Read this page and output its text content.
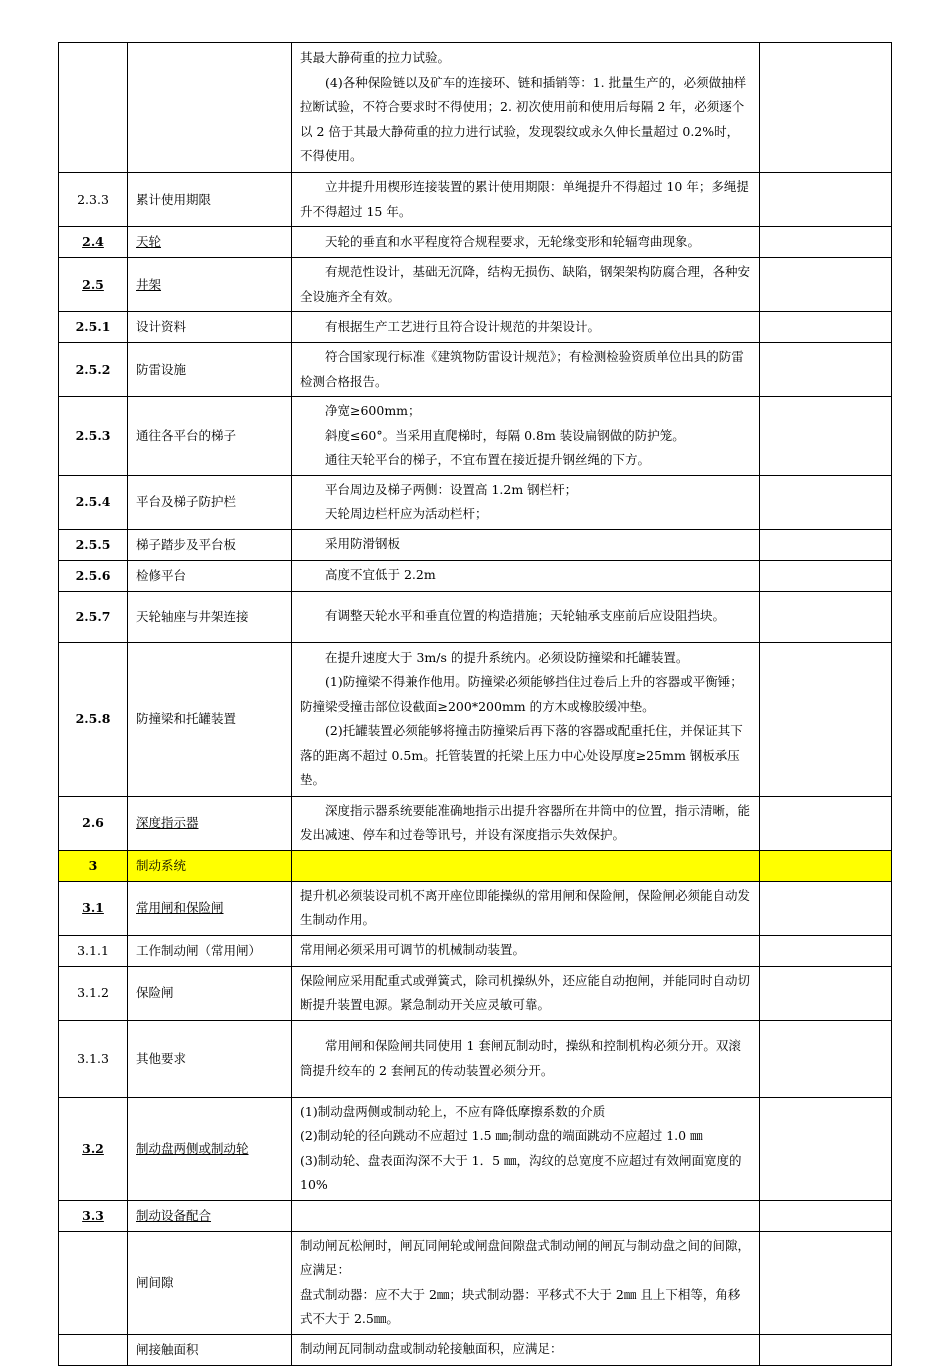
		其最大静荷重的拉力试验。
(4)各种保险链以及矿车的连接环、链和插销等：1. 批量生产的，必须做抽样拉断试验，不符合要求时不得使用；2. 初次使用前和使用后每隔 2 年，必须逐个以 2 倍于其最大静荷重的拉力进行试验，发现裂纹或永久伸长量超过 0.2%时，不得使用。	

2.3.3	累计使用期限	立井提升用楔形连接装置的累计使用期限：单绳提升不得超过 10 年；多绳提升不得超过 15 年。	

2.4	天轮	天轮的垂直和水平程度符合规程要求，无轮缘变形和轮辐弯曲现象。	

2.5	井架	有规范性设计，基础无沉降，结构无损伤、缺陷，钢架架构防腐合理，各种安全设施齐全有效。	

2.5.1	设计资料	有根据生产工艺进行且符合设计规范的井架设计。	

2.5.2	防雷设施	符合国家现行标准《建筑物防雷设计规范》；有检测检验资质单位出具的防雷检测合格报告。	

2.5.3	通往各平台的梯子	净宽≥600mm；
斜度≤60°。当采用直爬梯时，每隔 0.8m 装设扁钢做的防护笼。
通往天轮平台的梯子，不宜布置在接近提升钢丝绳的下方。	

2.5.4	平台及梯子防护栏	平台周边及梯子两侧：设置高 1.2m 钢栏杆；
天轮周边栏杆应为活动栏杆；	

2.5.5	梯子踏步及平台板	采用防滑钢板	

2.5.6	检修平台	高度不宜低于 2.2m	

2.5.7	天轮轴座与井架连接	有调整天轮水平和垂直位置的构造措施；天轮轴承支座前后应设阻挡块。	

2.5.8	防撞梁和托罐装置	在提升速度大于 3m/s 的提升系统内。必须设防撞梁和托罐装置。
(1)防撞梁不得兼作他用。防撞梁必须能够挡住过卷后上升的容器或平衡锤；防撞梁受撞击部位设截面≥200*200mm 的方木或橡胶缓冲垫。
(2)托罐装置必须能够将撞击防撞梁后再下落的容器或配重托住，并保证其下落的距离不超过 0.5m。托管装置的托梁上压力中心处设厚度≥25mm 钢板承压垫。	

2.6	深度指示器	深度指示器系统要能准确地指示出提升容器所在井筒中的位置，指示清晰，能发出减速、停车和过卷等讯号，并设有深度指示失效保护。	

3	制动系统		
3.1	常用闸和保险闸	提升机必须装设司机不离开座位即能操纵的常用闸和保险闸，保险闸必须能自动发生制动作用。	

3.1.1	工作制动闸（常用闸）	常用闸必须采用可调节的机械制动装置。	

3.1.2	保险闸	保险闸应采用配重式或弹簧式，除司机操纵外，还应能自动抱闸，并能同时自动切断提升装置电源。紧急制动开关应灵敏可靠。	

3.1.3	其他要求	常用闸和保险闸共同使用 1 套闸瓦制动时，操纵和控制机构必须分开。双滚筒提升绞车的 2 套闸瓦的传动装置必须分开。	

3.2	制动盘两侧或制动轮	(1)制动盘两侧或制动轮上，不应有降低摩擦系数的介质
(2)制动轮的径向跳动不应超过 1.5 ㎜;制动盘的端面跳动不应超过 1.0 ㎜
(3)制动轮、盘表面沟深不大于 1．5 ㎜，沟纹的总宽度不应超过有效闸面宽度的 10%	

3.3	制动设备配合		
	闸间隙	制动闸瓦松闸时，闸瓦同闸轮或闸盘间隙盘式制动闸的闸瓦与制动盘之间的间隙，应满足：
盘式制动器：应不大于 2㎜；块式制动器：平移式不大于 2㎜ 且上下相等，角移式不大于 2.5㎜。	

	闸接触面积	制动闸瓦同制动盘或制动轮接触面积，应满足：	
